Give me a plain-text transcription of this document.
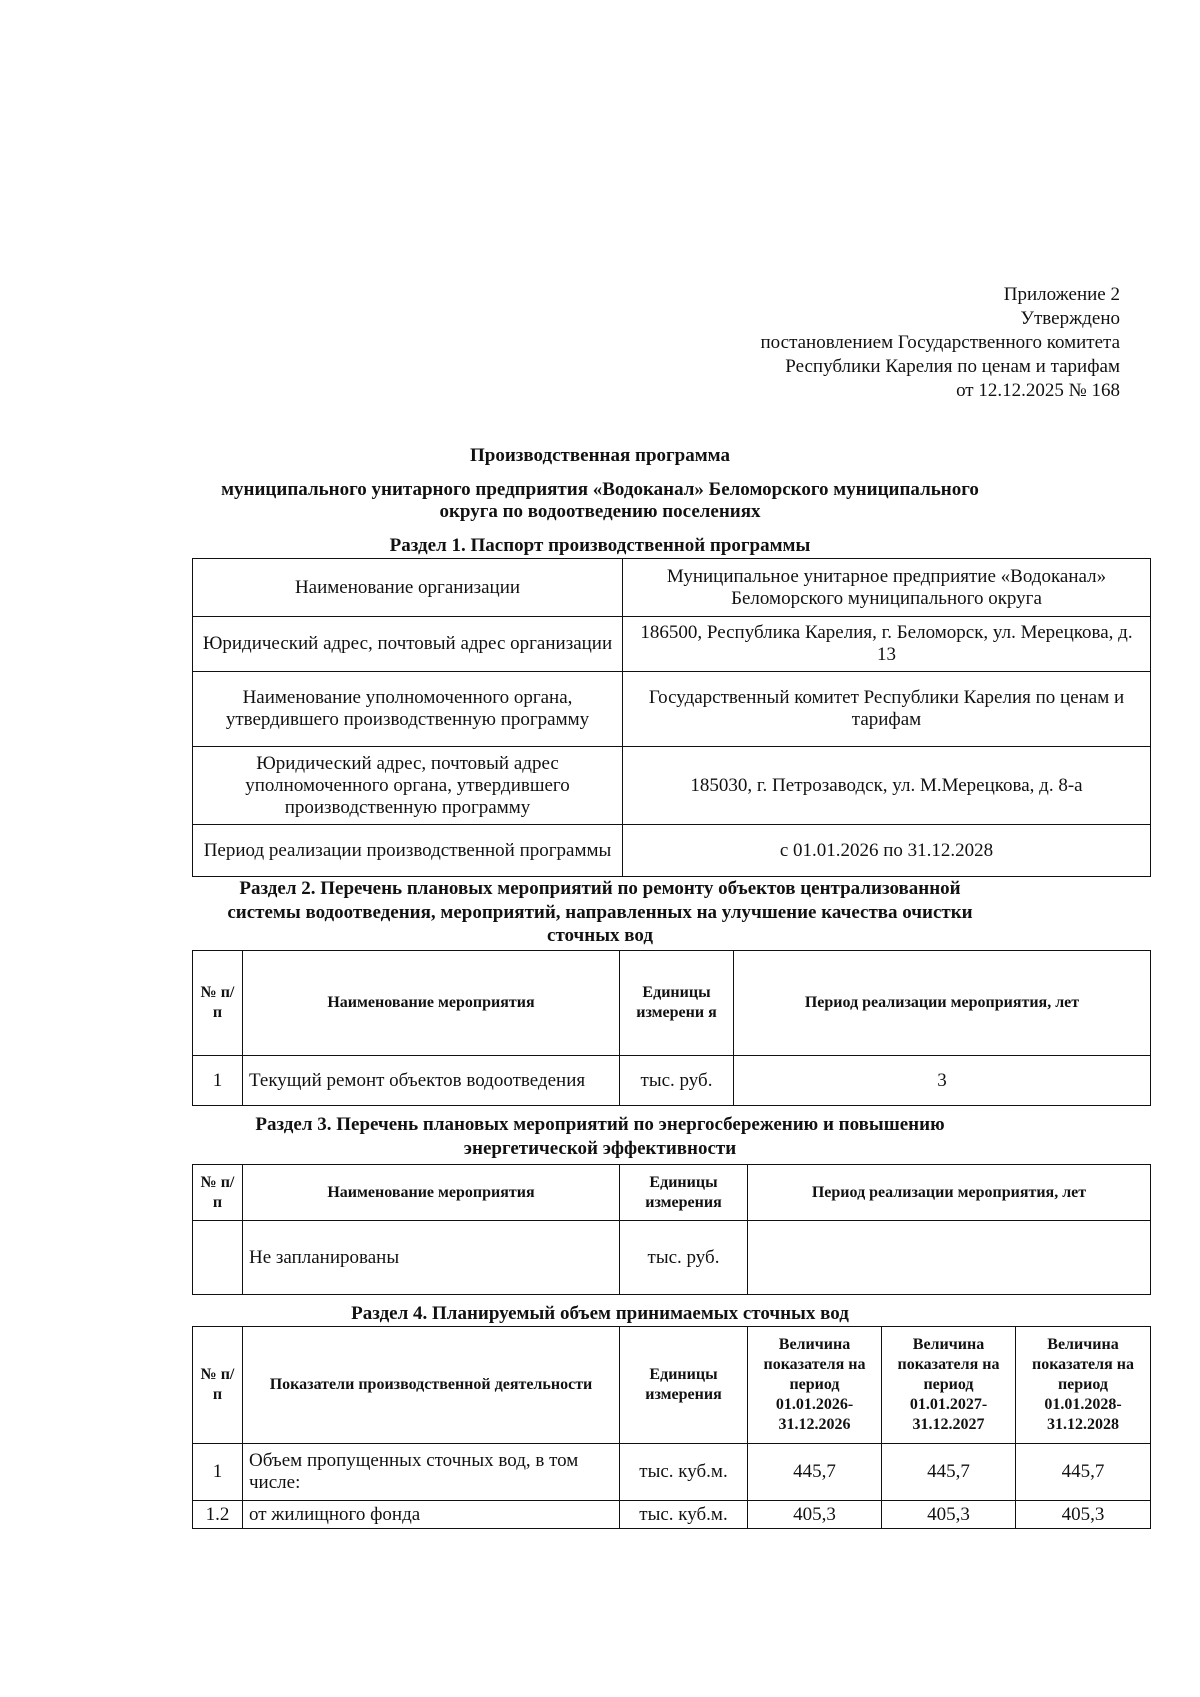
Приложение 2
Утверждено
постановлением Государственного комитета
Республики Карелия по ценам и тарифам
от 12.12.2025 № 168
Производственная программа
муниципального унитарного предприятия «Водоканал» Беломорского муниципального
округа по водоотведению поселениях
Раздел 1. Паспорт производственной программы
Наименование организации	Муниципальное унитарное предприятие «Водоканал» Беломорского муниципального округа
Юридический адрес, почтовый адрес организации	186500, Республика Карелия, г. Беломорск, ул. Мерецкова, д. 13
Наименование уполномоченного органа, утвердившего производственную программу	Государственный комитет Республики Карелия по ценам и тарифам
Юридический адрес, почтовый адрес уполномоченного органа, утвердившего производственную программу	185030, г. Петрозаводск, ул. М.Мерецкова, д. 8-а
Период реализации производственной программы	с 01.01.2026 по 31.12.2028
Раздел 2. Перечень плановых мероприятий по ремонту объектов централизованной
системы водоотведения, мероприятий, направленных на улучшение качества очистки
сточных вод
№ п/п	Наименование мероприятия	Единицы измерени я	Период реализации мероприятия, лет
1	Текущий ремонт объектов водоотведения	тыс. руб.	3
Раздел 3. Перечень плановых мероприятий по энергосбережению и повышению
энергетической эффективности
№ п/п	Наименование мероприятия	Единицы измерения	Период реализации мероприятия, лет
	Не запланированы	тыс. руб.	
Раздел 4. Планируемый объем принимаемых сточных вод
№ п/п	Показатели производственной деятельности	Единицы измерения	Величина показателя на период 01.01.2026-31.12.2026	Величина показателя на период 01.01.2027-31.12.2027	Величина показателя на период 01.01.2028-31.12.2028
1	Объем пропущенных сточных вод, в том числе:	тыс. куб.м.	445,7	445,7	445,7
1.2	от жилищного фонда	тыс. куб.м.	405,3	405,3	405,3
